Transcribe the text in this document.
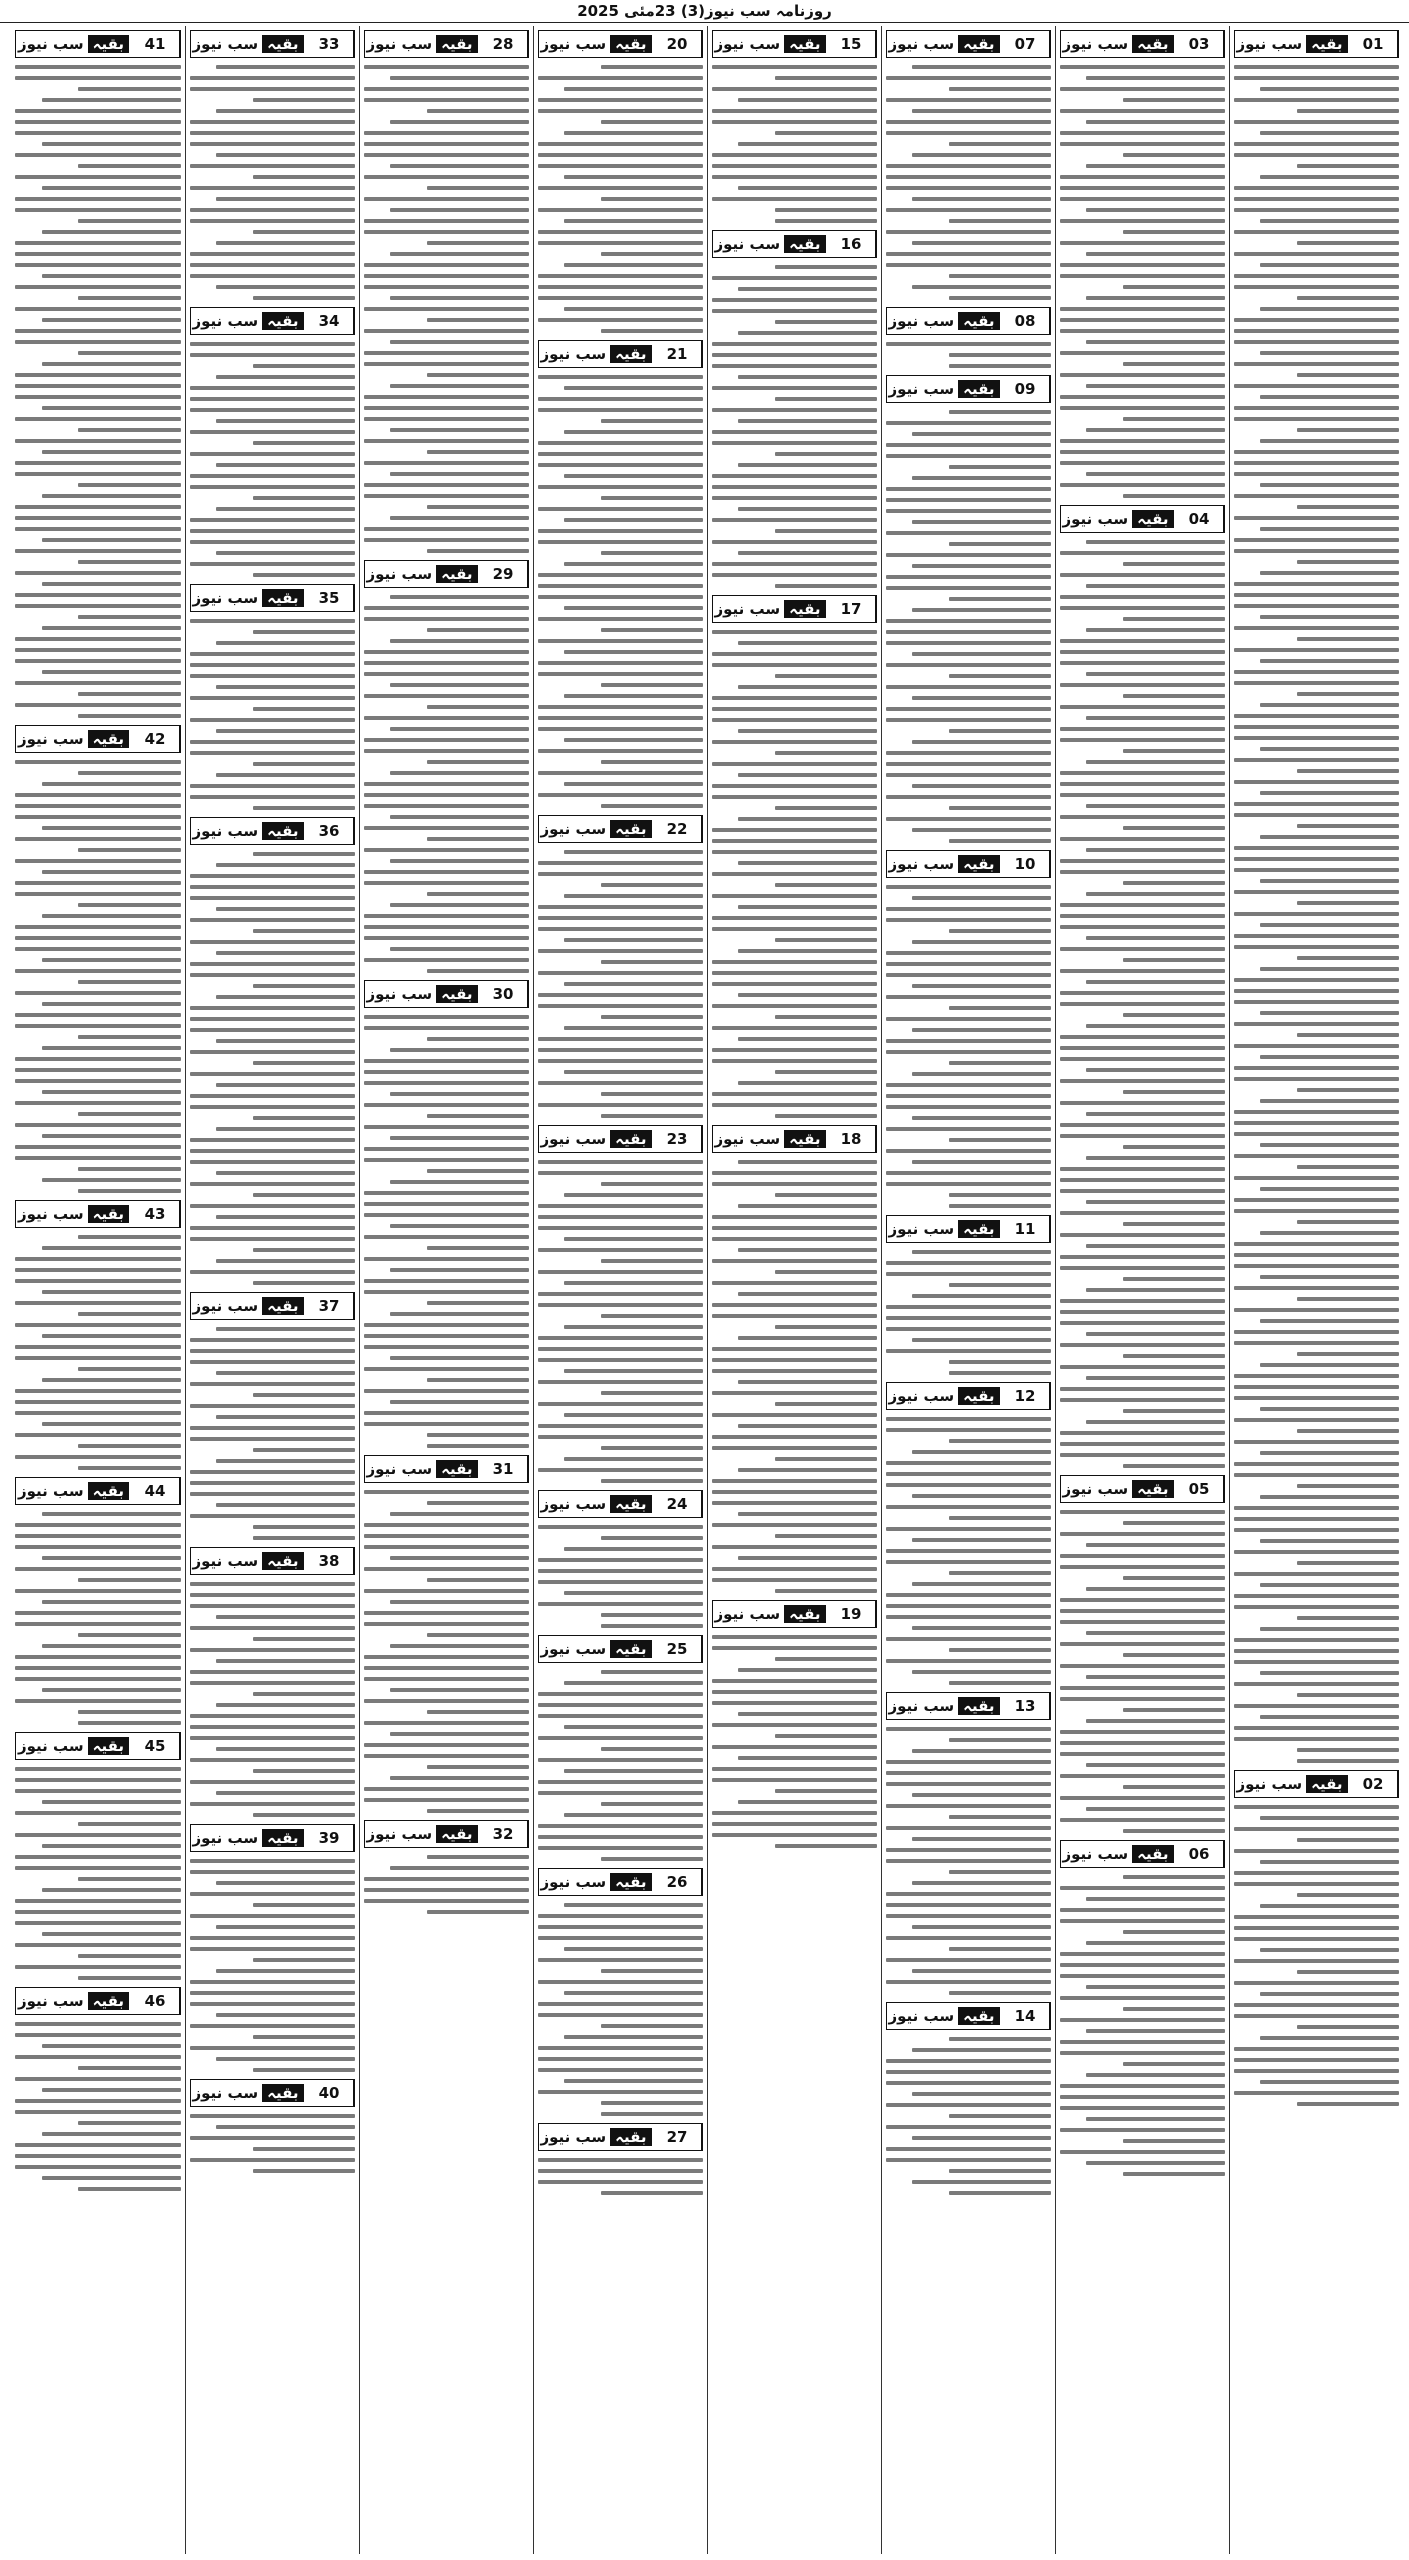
روزنامہ سب نیوز(3) 23مئی 2025
سب نیوز بقیہ	01
سب نیوز بقیہ	02
سب نیوز بقیہ	03
سب نیوز بقیہ	04
سب نیوز بقیہ	05
سب نیوز بقیہ	06
سب نیوز بقیہ	07
سب نیوز بقیہ	08
سب نیوز بقیہ	09
سب نیوز بقیہ	10
سب نیوز بقیہ	11
سب نیوز بقیہ	12
سب نیوز بقیہ	13
سب نیوز بقیہ	14
سب نیوز بقیہ	15
سب نیوز بقیہ	16
سب نیوز بقیہ	17
سب نیوز بقیہ	18
سب نیوز بقیہ	19
سب نیوز بقیہ	20
سب نیوز بقیہ	21
سب نیوز بقیہ	22
سب نیوز بقیہ	23
سب نیوز بقیہ	24
سب نیوز بقیہ	25
سب نیوز بقیہ	26
سب نیوز بقیہ	27
سب نیوز بقیہ	28
سب نیوز بقیہ	29
سب نیوز بقیہ	30
سب نیوز بقیہ	31
سب نیوز بقیہ	32
سب نیوز بقیہ	33
سب نیوز بقیہ	34
سب نیوز بقیہ	35
سب نیوز بقیہ	36
سب نیوز بقیہ	37
سب نیوز بقیہ	38
سب نیوز بقیہ	39
سب نیوز بقیہ	40
سب نیوز بقیہ	41
سب نیوز بقیہ	42
سب نیوز بقیہ	43
سب نیوز بقیہ	44
سب نیوز بقیہ	45
سب نیوز بقیہ	46
